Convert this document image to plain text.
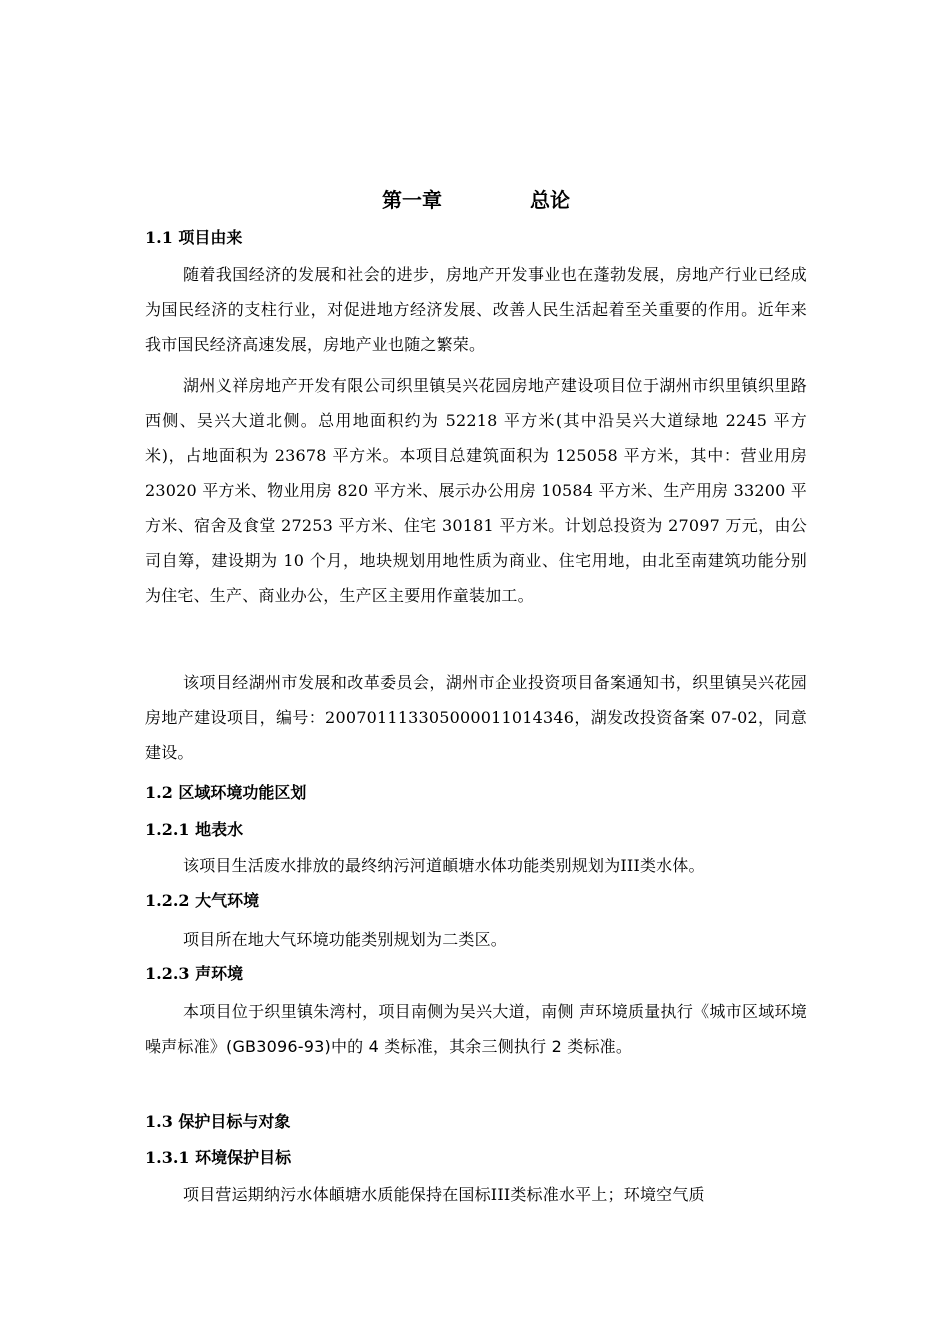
第一章	总论
1.1 项目由来

随着我国经济的发展和社会的进步，房地产开发事业也在蓬勃发展，房地产行业已经成为国民经济的支柱行业，对促进地方经济发展、改善人民生活起着至关重要的作用。近年来我市国民经济高速发展，房地产业也随之繁荣。

湖州义祥房地产开发有限公司织里镇吴兴花园房地产建设项目位于湖州市织里镇织里路西侧、吴兴大道北侧。总用地面积约为 52218 平方米(其中沿吴兴大道绿地 2245 平方米)，占地面积为 23678 平方米。本项目总建筑面积为 125058 平方米，其中：营业用房 23020 平方米、物业用房 820 平方米、展示办公用房 10584 平方米、生产用房 33200 平方米、宿舍及食堂 27253 平方米、住宅 30181 平方米。计划总投资为 27097 万元，由公司自筹，建设期为 10 个月，地块规划用地性质为商业、住宅用地，由北至南建筑功能分别为住宅、生产、商业办公，生产区主要用作童装加工。

该项目经湖州市发展和改革委员会，湖州市企业投资项目备案通知书，织里镇吴兴花园房地产建设项目，编号：200701113305000011014346，湖发改投资备案 07-02，同意建设。

1.2 区域环境功能区划
1.2.1 地表水

该项目生活废水排放的最终纳污河道頔塘水体功能类别规划为III类水体。

1.2.2 大气环境

项目所在地大气环境功能类别规划为二类区。

1.2.3 声环境

本项目位于织里镇朱湾村，项目南侧为吴兴大道，南侧 声环境质量执行《城市区域环境噪声标准》(GB3096-93)中的 4 类标准，其余三侧执行 2 类标准。

1.3 保护目标与对象
1.3.1 环境保护目标

项目营运期纳污水体頔塘水质能保持在国标III类标准水平上；环境空气质
